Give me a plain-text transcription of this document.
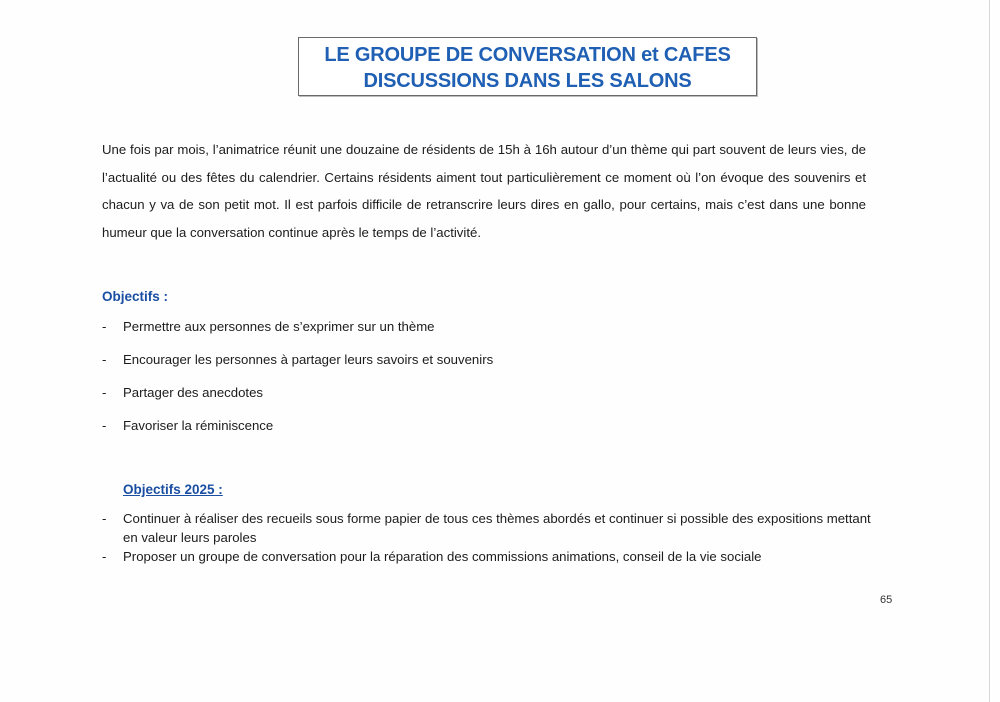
LE GROUPE DE CONVERSATION et CAFES
DISCUSSIONS DANS LES SALONS

Une fois par mois, l’animatrice réunit une douzaine de résidents de 15h à 16h autour d’un thème qui part souvent de leurs vies, de l’actualité ou des fêtes du calendrier. Certains résidents aiment tout particulièrement ce moment où l’on évoque des souvenirs et chacun y va de son petit mot. Il est parfois difficile de retranscrire leurs dires en gallo, pour certains, mais c’est dans une bonne humeur que la conversation continue après le temps de l’activité.

Objectifs :

-	Permettre aux personnes de s’exprimer sur un thème
-	Encourager les personnes à partager leurs savoirs et souvenirs
-	Partager des anecdotes
-	Favoriser la réminiscence

Objectifs 2025 :

-	Continuer à réaliser des recueils sous forme papier de tous ces thèmes abordés et continuer si possible des expositions mettant en valeur leurs paroles
-	Proposer un groupe de conversation pour la réparation des commissions animations, conseil de la vie sociale
65
